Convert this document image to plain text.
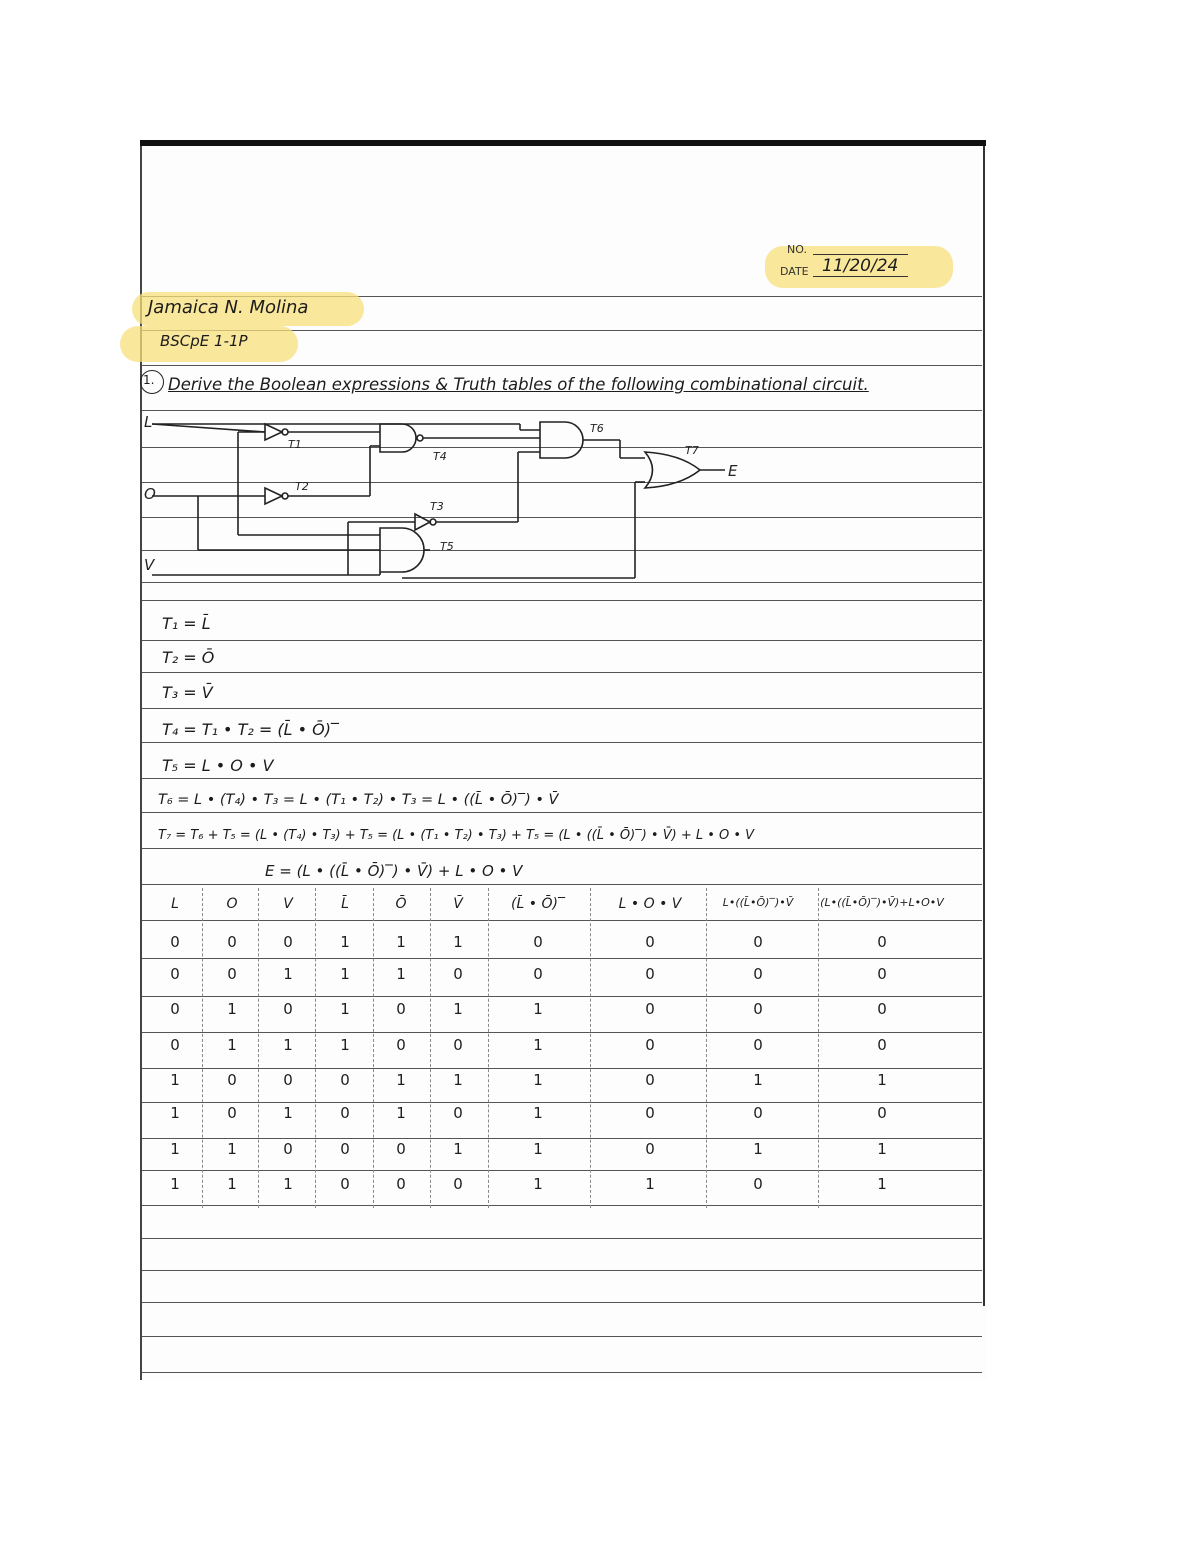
NO.
DATE 11/20/24
Jamaica N. Molina
BSCpE 1-1P
1. Derive the Boolean expressions & Truth tables of the following combinational circuit.
L
O
V
T1
T4
T2
T3
T5
T6
T7
E
T₁ = L̄
T₂ = Ō
T₃ = V̄
T₄ = T₁ • T₂ = (L̄ • Ō)‾
T₅ = L • O • V
T₆ = L • (T₄) • T₃ = L • (T₁ • T₂) • T₃ = L • ((L̄ • Ō)‾) • V̄
T₇ = T₆ + T₅ = (L • (T₄) • T₃) + T₅ = (L • (T₁ • T₂) • T₃) + T₅ = (L • ((L̄ • Ō)‾) • V̄) + L • O • V
E = (L • ((L̄ • Ō)‾) • V̄) + L • O • V
L	O	V	L̄	Ō	V̄	(L̄ • Ō)‾	L • O • V	L•((L̄•Ō)‾)•V̄	(L•((L̄•Ō)‾)•V̄)+L•O•V
0	0	0	1	1	1	0	0	0	0
0	0	1	1	1	0	0	0	0	0
0	1	0	1	0	1	1	0	0	0
0	1	1	1	0	0	1	0	0	0
1	0	0	0	1	1	1	0	1	1
1	0	1	0	1	0	1	0	0	0
1	1	0	0	0	1	1	0	1	1
1	1	1	0	0	0	1	1	0	1
